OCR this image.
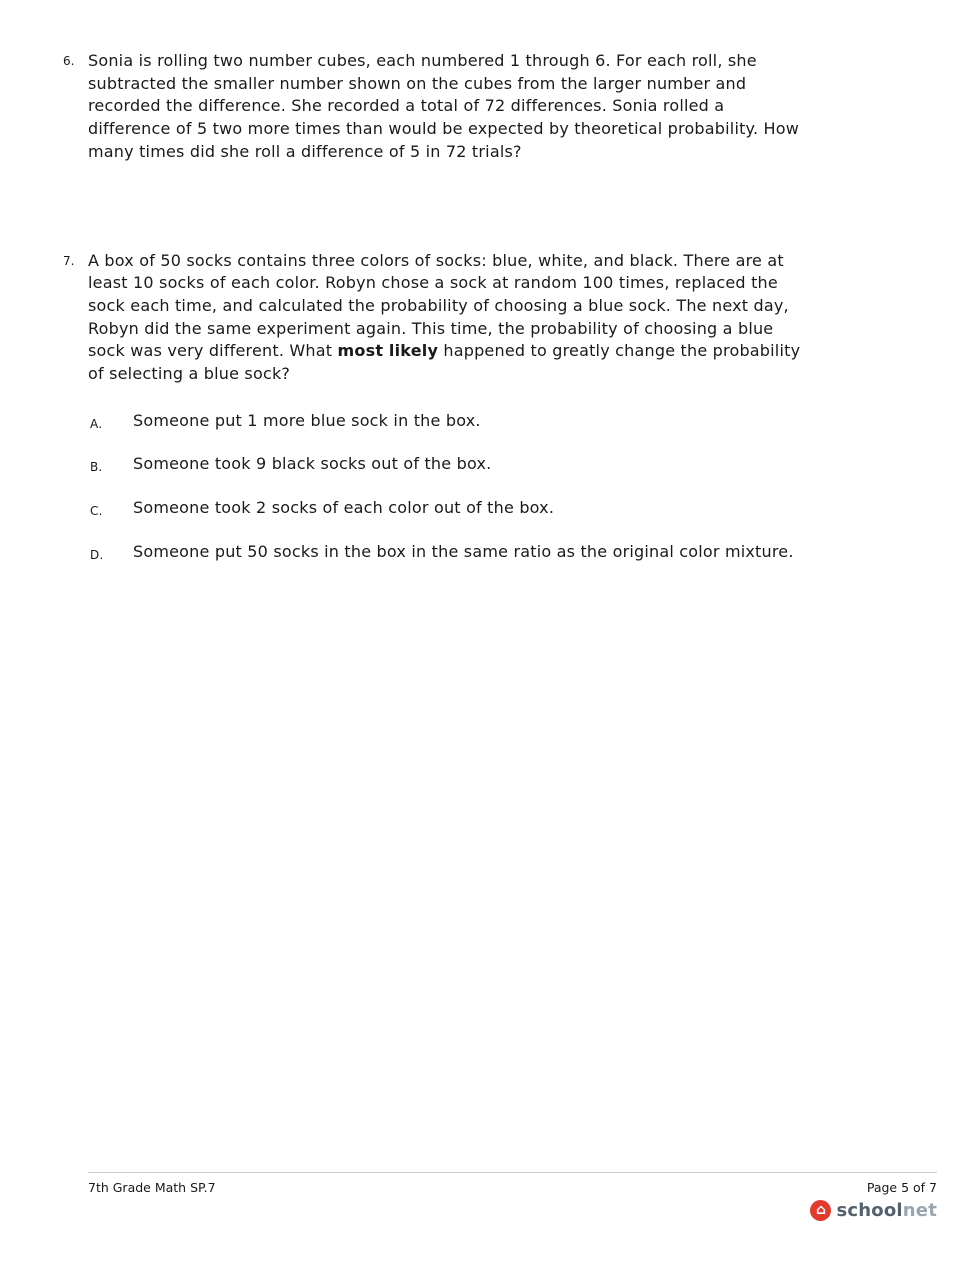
6. Sonia is rolling two number cubes, each numbered 1 through 6. For each roll, she subtracted the smaller number shown on the cubes from the larger number and recorded the difference. She recorded a total of 72 differences. Sonia rolled a difference of 5 two more times than would be expected by theoretical probability. How many times did she roll a difference of 5 in 72 trials?
7. A box of 50 socks contains three colors of socks: blue, white, and black. There are at least 10 socks of each color. Robyn chose a sock at random 100 times, replaced the sock each time, and calculated the probability of choosing a blue sock. The next day, Robyn did the same experiment again. This time, the probability of choosing a blue sock was very different. What most likely happened to greatly change the probability of selecting a blue sock?
A.	Someone put 1 more blue sock in the box.
B.	Someone took 9 black socks out of the box.
C.	Someone took 2 socks of each color out of the box.
D.	Someone put 50 socks in the box in the same ratio as the original color mixture.
7th Grade Math SP.7	Page 5 of 7
⌂ schoolnet
